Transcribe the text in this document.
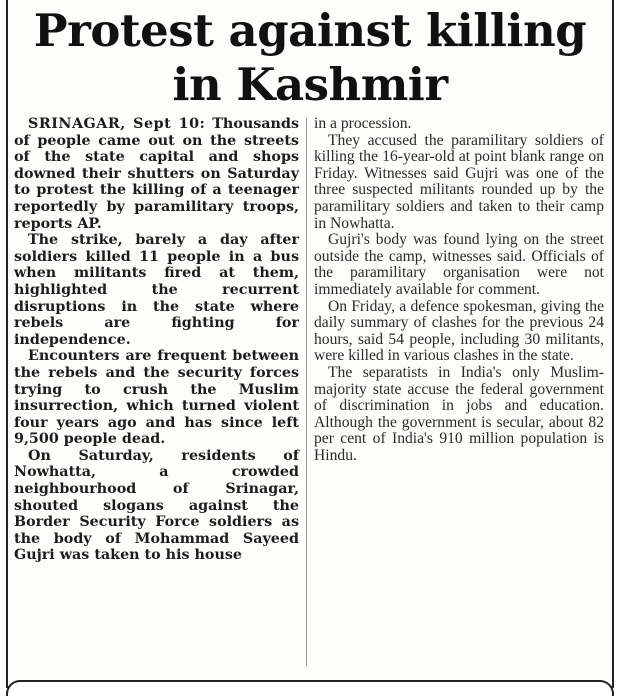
Protest against killing
in Kashmir

SRINAGAR, Sept 10: Thousands of people came out on the streets of the state capital and shops downed their shutters on Saturday to protest the killing of a teenager reportedly by paramilitary troops, reports AP.

The strike, barely a day after soldiers killed 11 people in a bus when militants fired at them, highlighted the recurrent disruptions in the state where rebels are fighting for independence.

Encounters are frequent between the rebels and the security forces trying to crush the Muslim insurrection, which turned violent four years ago and has since left 9,500 people dead.

On Saturday, residents of Nowhatta, a crowded neighbourhood of Srinagar, shouted slogans against the Border Security Force soldiers as the body of Mohammad Sayeed Gujri was taken to his house

in a procession.

They accused the paramilitary soldiers of killing the 16-year-old at point blank range on Friday. Witnesses said Gujri was one of the three suspected militants rounded up by the paramilitary soldiers and taken to their camp in Nowhatta.

Gujri's body was found lying on the street outside the camp, witnesses said. Officials of the paramilitary organisation were not immediately available for comment.

On Friday, a defence spokesman, giving the daily summary of clashes for the previous 24 hours, said 54 people, including 30 militants, were killed in various clashes in the state.

The separatists in India's only Muslim-majority state accuse the federal government of discrimination in jobs and education. Although the government is secular, about 82 per cent of India's 910 million population is Hindu.
